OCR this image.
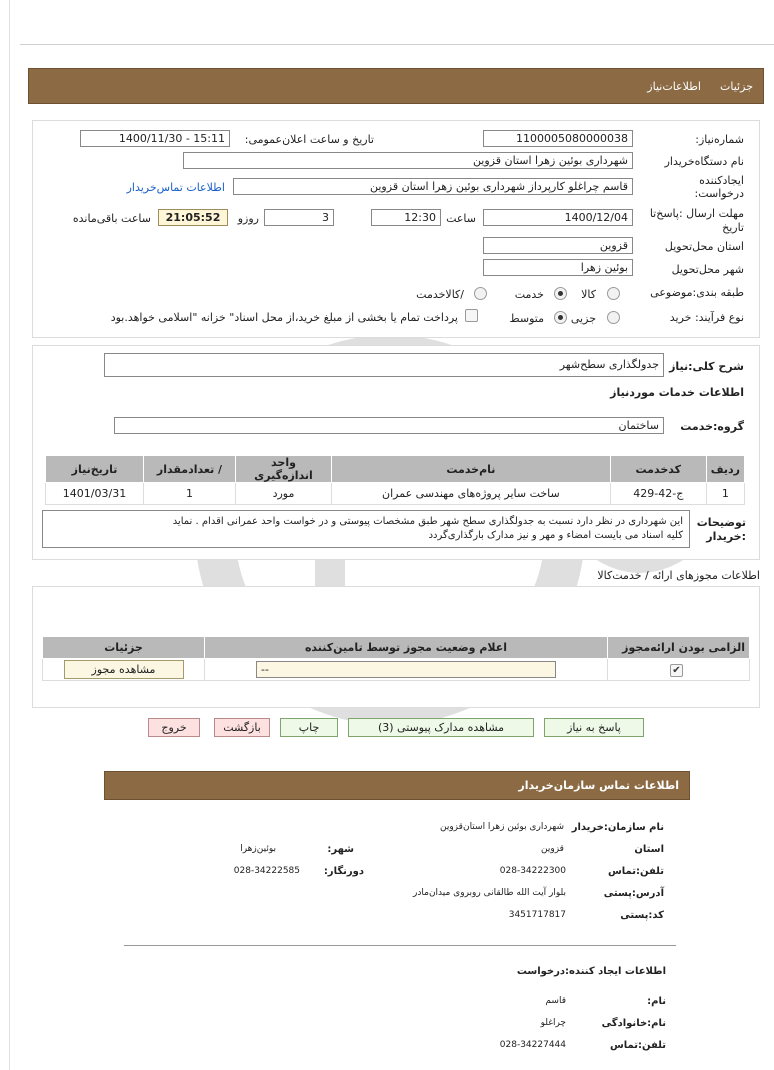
جزئیات
اطلاعات‌نیاز
شماره‌نیاز:
1100005080000038
تاریخ و ساعت اعلان‌عمومی:
1400/11/30 - 15:11
نام دستگاه‌خریدار
شهرداری بوئین زهرا استان قزوین
ایجادکننده
درخواست:
قاسم چراغلو کارپرداز شهرداری بوئین زهرا استان قزوین
اطلاعات تماس‌خریدار
مهلت ارسال :پاسخ‌تا
تاریخ
1400/12/04
ساعت
12:30
3
روزو
21:05:52
ساعت باقی‌مانده
استان محل‌تحویل
قزوین
شهر محل‌تحویل
بوئین زهرا
طبقه بندی‌:موضوعی
کالا
خدمت
/کالاخدمت
نوع فرآیند: خرید
جزیی
متوسط
پرداخت تمام یا بخشی از مبلغ خرید،از محل اسناد" خزانه "اسلامی خواهد.بود
شرح کلی:نیاز
جدولگذاری سطح‌شهر
اطلاعات خدمات موردنیاز
گروه:خدمت
ساختمان
ردیف	کدخدمت	نام‌خدمت	واحد اندازه‌گیری	/ تعدادمقدار	تاریخ‌نیاز
1	ج-42-429	ساخت سایر پروژه‌های مهندسی عمران	مورد	1	1401/03/31
توضیحات
:خریدار
این شهرداری در نظر دارد نسبت به جدولگذاری سطح شهر طبق مشخصات پیوستی و در خواست واحد عمرانی اقدام . نماید
کلیه اسناد می بایست امضاء و مهر و نیز مدارک بارگذاری‌گردد
اطلاعات مجوزهای ارائه / خدمت‌کالا
الزامی بودن ارائه‌مجوز	اعلام وضعیت مجوز توسط تامین‌کننده	جزئیات
✔	--	مشاهده مجوز
پاسخ به نیاز
مشاهده مدارک پیوستی (3)
چاپ
بازگشت
خروج
اطلاعات تماس سازمان‌خریدار
نام سازمان:خریدار
شهرداری بوئین زهرا استان‌قزوین
استان
قزوین
شهر:
بوئین‌زهرا
تلفن:تماس
028-34222300
دورنگار:
028-34222585
آدرس:پستی
بلوار آیت الله طالقانی روبروی میدان‌مادر
کد:پستی
3451717817
اطلاعات ایجاد کننده:درخواست
نام:
قاسم
نام:خانوادگی
چراغلو
تلفن:تماس
028-34227444
